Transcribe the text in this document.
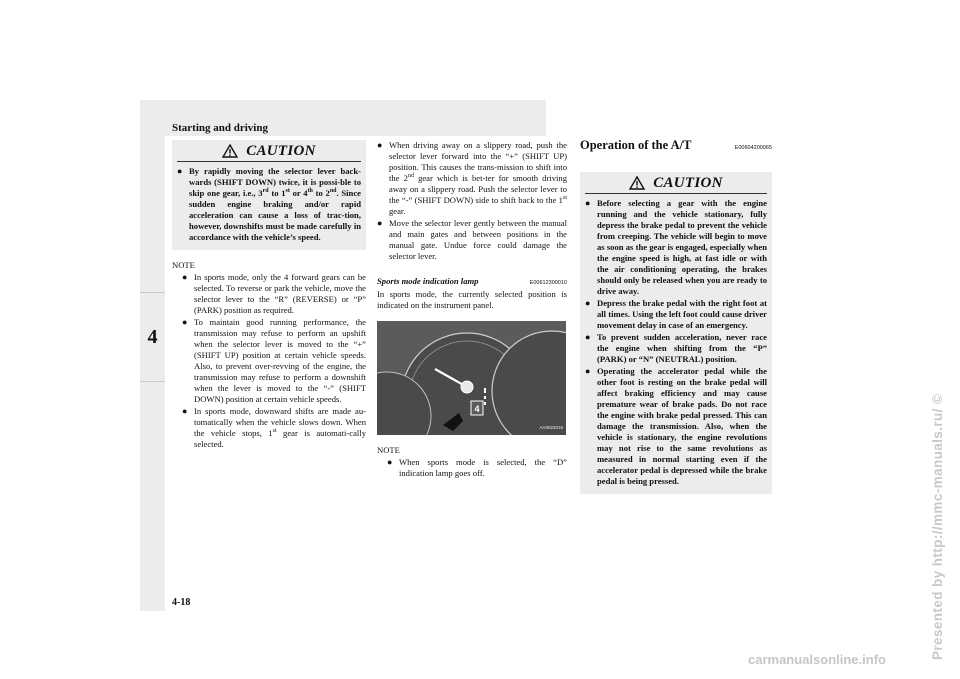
Starting and driving
4
CAUTION
● By rapidly moving the selector lever back-wards (SHIFT DOWN) twice, it is possi-ble to skip one gear, i.e., 3rd to 1st or 4th to 2nd. Since sudden engine braking and/or rapid acceleration can cause a loss of trac-tion, however, downshifts must be made carefully in accordance with the vehicle’s speed.
NOTE
● In sports mode, only the 4 forward gears can be selected. To reverse or park the vehicle, move the selector lever to the “R” (REVERSE) or “P” (PARK) position as required.
● To maintain good running performance, the transmission may refuse to perform an upshift when the selector lever is moved to the “+” (SHIFT UP) position at certain vehicle speeds. Also, to prevent over-revving of the engine, the transmission may refuse to perform a downshift when the lever is moved to the “-” (SHIFT DOWN) position at certain vehicle speeds.
● In sports mode, downward shifts are made au-tomatically when the vehicle slows down. When the vehicle stops, 1st gear is automati-cally selected.
● When driving away on a slippery road, push the selector lever forward into the “+” (SHIFT UP) position. This causes the trans-mission to shift into the 2nd gear which is bet-ter for smooth driving away on a slippery road. Push the selector lever to the “-” (SHIFT DOWN) side to shift back to the 1st gear.
● Move the selector lever gently between the manual and main gates and between positions in the manual gate. Undue force could damage the selector lever.
Sports mode indication lamp	E00612300010
In sports mode, the currently selected position is indicated on the instrument panel.
4
AA0022016
NOTE
● When sports mode is selected, the “D” indication lamp goes off.
Operation of the A/T	E00604200065
CAUTION
● Before selecting a gear with the engine running and the vehicle stationary, fully depress the brake pedal to prevent the vehicle from creeping. The vehicle will begin to move as soon as the gear is engaged, especially when the engine speed is high, at fast idle or with the air conditioning operating, the brakes should only be released when you are ready to drive away.
● Depress the brake pedal with the right foot at all times. Using the left foot could cause driver movement delay in case of an emergency.
● To prevent sudden acceleration, never race the engine when shifting from the “P” (PARK) or “N” (NEUTRAL) position.
● Operating the accelerator pedal while the other foot is resting on the brake pedal will affect braking efficiency and may cause premature wear of brake pads. Do not race the engine with brake pedal pressed. This can damage the transmission. Also, when the vehicle is stationary, the engine revolutions may not rise to the same revolutions as measured in normal starting even if the accelerator pedal is depressed while the brake pedal is being pressed.
4-18	Presented by http://mmc-manuals.ru/ ©
carmanualsonline.info
